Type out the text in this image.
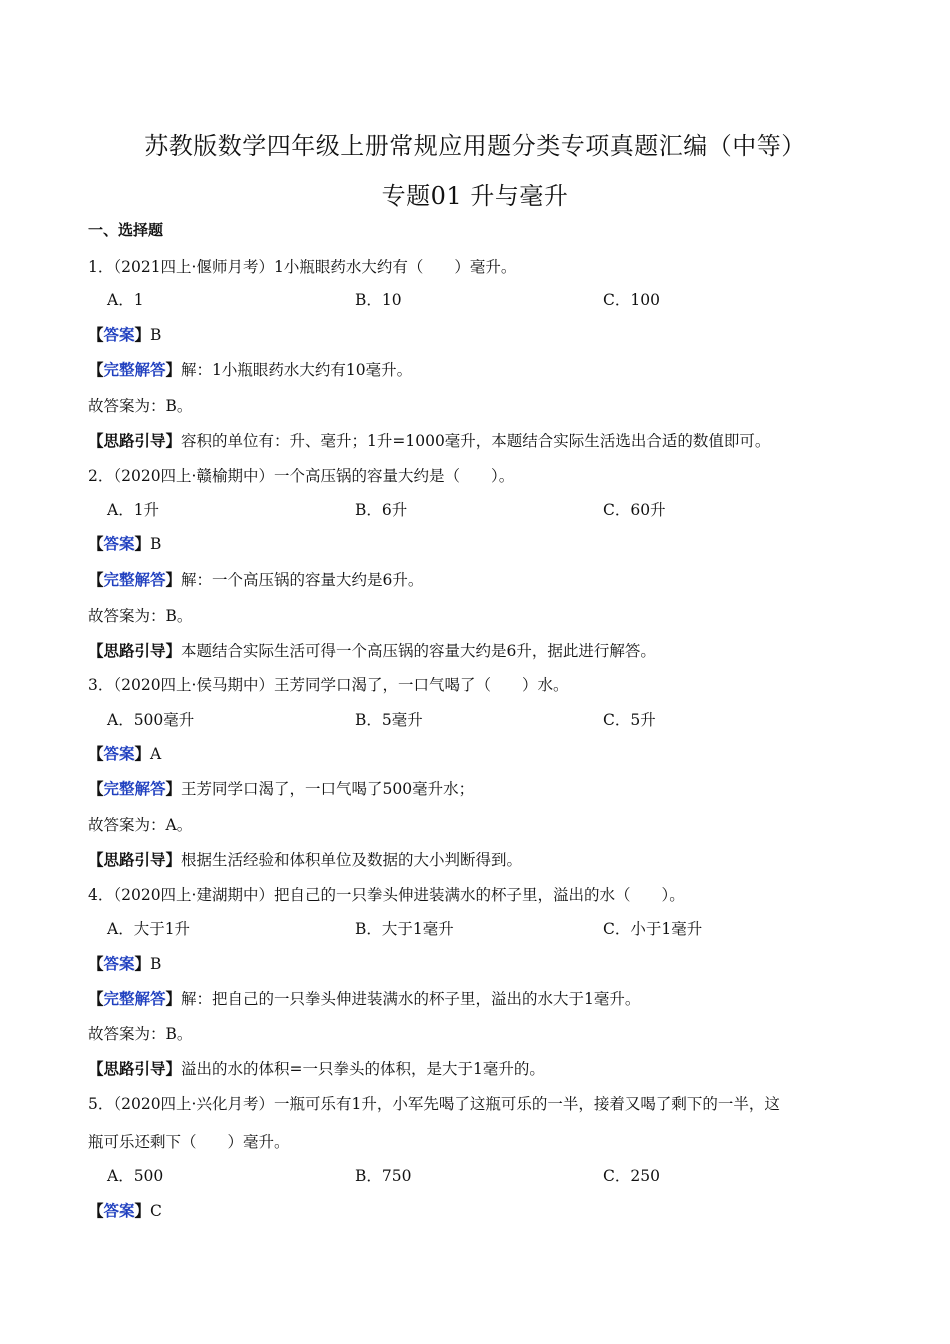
苏教版数学四年级上册常规应用题分类专项真题汇编（中等）
专题01 升与毫升
一、选择题
1．（2021四上·偃师月考）1小瓶眼药水大约有（　　）毫升。
A．1	B．10	C．100
【答案】B
【完整解答】解：1小瓶眼药水大约有10毫升。
故答案为：B。
【思路引导】容积的单位有：升、毫升；1升=1000毫升，本题结合实际生活选出合适的数值即可。
2．（2020四上·赣榆期中）一个高压锅的容量大约是（　　）。
A．1升	B．6升	C．60升
【答案】B
【完整解答】解：一个高压锅的容量大约是6升。
故答案为：B。
【思路引导】本题结合实际生活可得一个高压锅的容量大约是6升，据此进行解答。
3．（2020四上·侯马期中）王芳同学口渴了，一口气喝了（　　）水。
A．500毫升	B．5毫升	C．5升
【答案】A
【完整解答】王芳同学口渴了，一口气喝了500毫升水；
故答案为：A。
【思路引导】根据生活经验和体积单位及数据的大小判断得到。
4．（2020四上·建湖期中）把自己的一只拳头伸进装满水的杯子里，溢出的水（　　）。
A．大于1升	B．大于1毫升	C．小于1毫升
【答案】B
【完整解答】解：把自己的一只拳头伸进装满水的杯子里，溢出的水大于1毫升。
故答案为：B。
【思路引导】溢出的水的体积=一只拳头的体积，是大于1毫升的。
5．（2020四上·兴化月考）一瓶可乐有1升，小军先喝了这瓶可乐的一半，接着又喝了剩下的一半，这
瓶可乐还剩下（　　）毫升。
A．500	B．750	C．250
【答案】C
